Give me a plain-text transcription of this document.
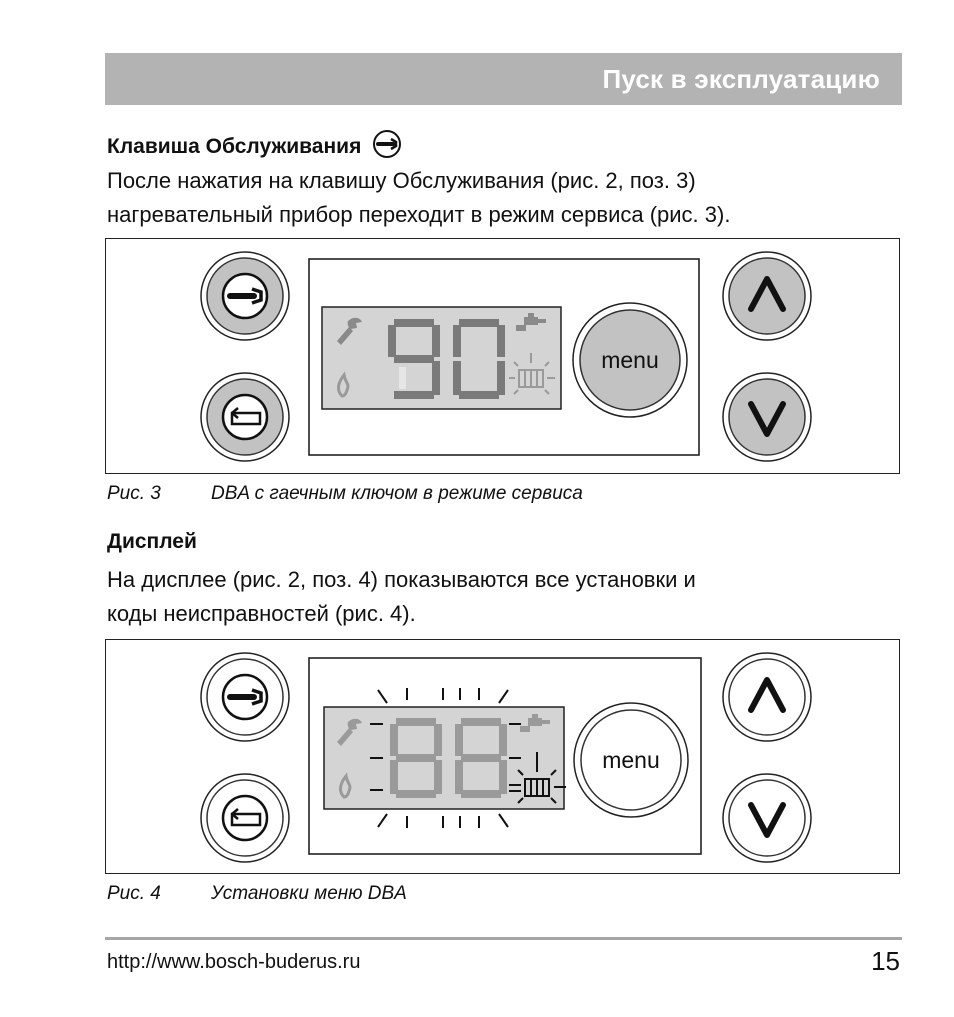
Пуск в эксплуатацию
Клавиша Обслуживания
После нажатия на клавишу Обслуживания (рис. 2, поз. 3)
нагревательный прибор переходит в режим сервиса (рис. 3).
menu
Рис. 3	DBA с гаечным ключом в режиме сервиса
Дисплей
На дисплее (рис. 2, поз. 4) показываются все установки и
коды неисправностей (рис. 4).
menu
Рис. 4	Установки меню DBA
http://www.bosch-buderus.ru	15
